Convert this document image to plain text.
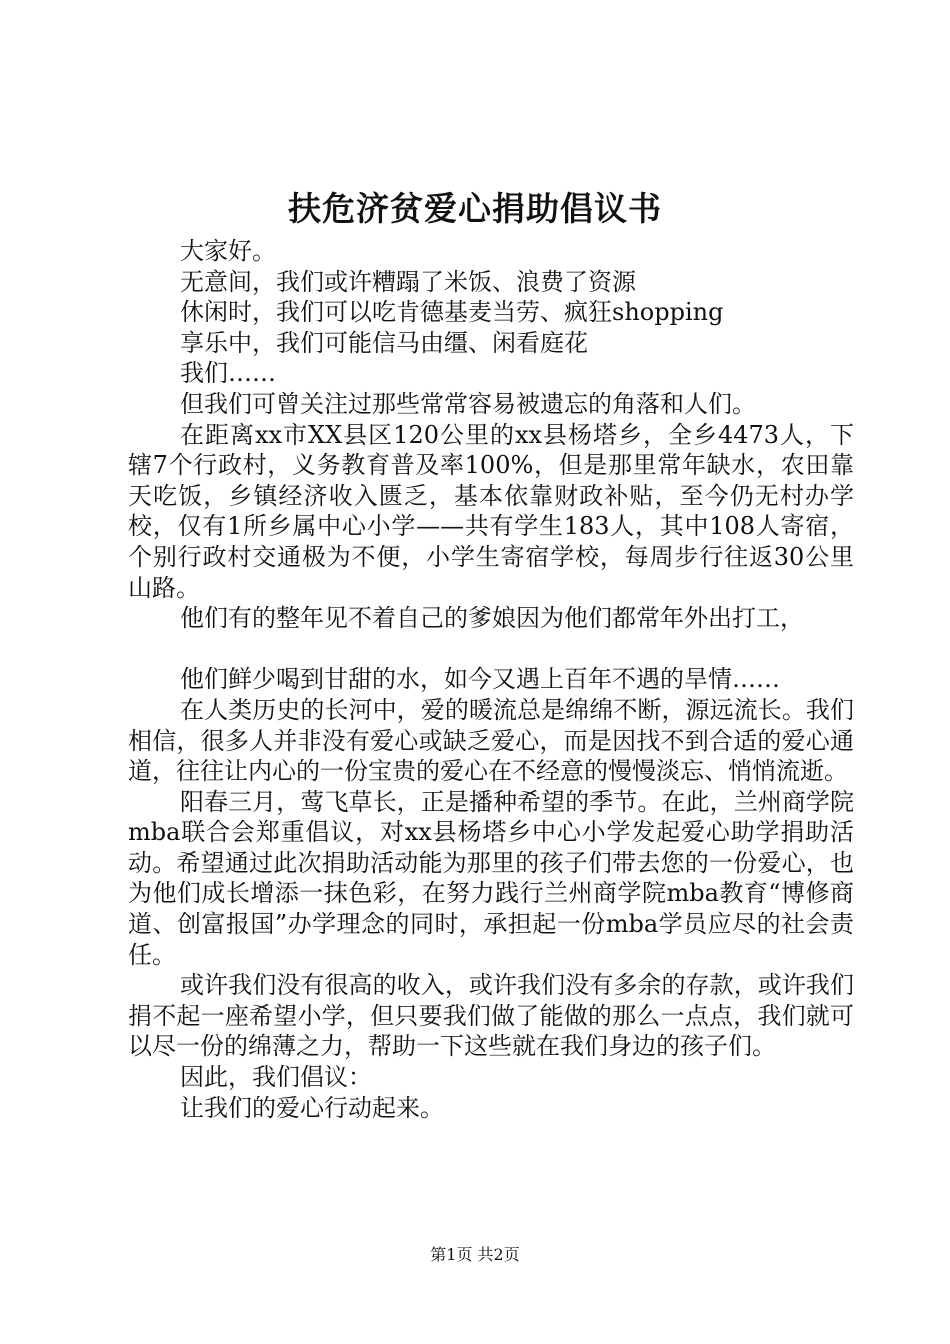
扶危济贫爱心捐助倡议书

大家好。

无意间，我们或许糟蹋了米饭、浪费了资源

休闲时，我们可以吃肯德基麦当劳、疯狂shopping

享乐中，我们可能信马由缰、闲看庭花

我们……

但我们可曾关注过那些常常容易被遗忘的角落和人们。

在距离xx市XX县区120公里的xx县杨塔乡，全乡4473人，下辖7个行政村，义务教育普及率100%，但是那里常年缺水，农田靠天吃饭，乡镇经济收入匮乏，基本依靠财政补贴，至今仍无村办学校，仅有1所乡属中心小学——共有学生183人，其中108人寄宿，个别行政村交通极为不便，小学生寄宿学校，每周步行往返30公里山路。

他们有的整年见不着自己的爹娘因为他们都常年外出打工，

他们鲜少喝到甘甜的水，如今又遇上百年不遇的旱情……

在人类历史的长河中，爱的暖流总是绵绵不断，源远流长。我们相信，很多人并非没有爱心或缺乏爱心，而是因找不到合适的爱心通道，往往让内心的一份宝贵的爱心在不经意的慢慢淡忘、悄悄流逝。

阳春三月，莺飞草长，正是播种希望的季节。在此，兰州商学院mba联合会郑重倡议，对xx县杨塔乡中心小学发起爱心助学捐助活动。希望通过此次捐助活动能为那里的孩子们带去您的一份爱心，也为他们成长增添一抹色彩，在努力践行兰州商学院mba教育“博修商道、创富报国”办学理念的同时，承担起一份mba学员应尽的社会责任。

或许我们没有很高的收入，或许我们没有多余的存款，或许我们捐不起一座希望小学，但只要我们做了能做的那么一点点，我们就可以尽一份的绵薄之力，帮助一下这些就在我们身边的孩子们。

因此，我们倡议：

让我们的爱心行动起来。

第1页 共2页
